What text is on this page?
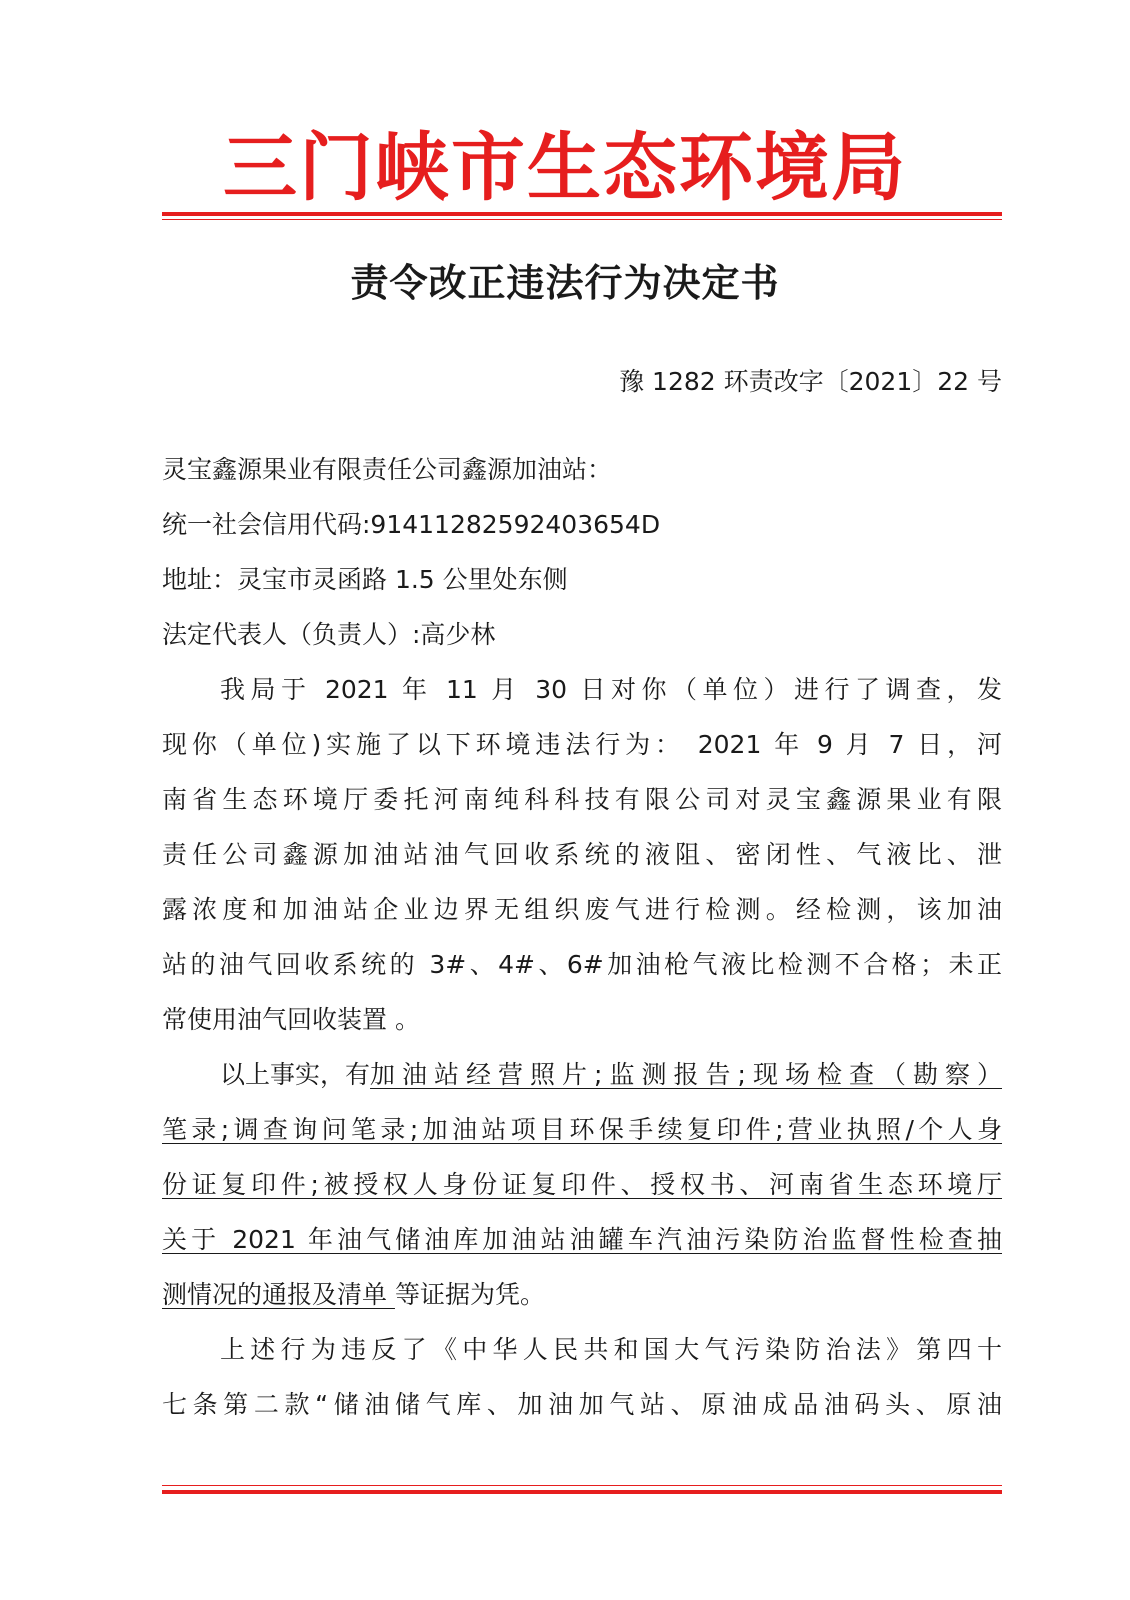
三门峡市生态环境局
责令改正违法行为决定书
豫 1282 环责改字〔2021〕22 号
灵宝鑫源果业有限责任公司鑫源加油站：
统一社会信用代码:91411282592403654D
地址：灵宝市灵函路 1.5 公里处东侧
法定代表人（负责人）:高少林
我局于 2021 年 11 月 30 日对你（单位）进行了调查，发
现你（单位)实施了以下环境违法行为： 2021 年 9 月 7 日，河
南省生态环境厅委托河南纯科科技有限公司对灵宝鑫源果业有限
责任公司鑫源加油站油气回收系统的液阻、密闭性、气液比、泄
露浓度和加油站企业边界无组织废气进行检测。经检测，该加油
站的油气回收系统的 3#、4#、6#加油枪气液比检测不合格；未正
常使用油气回收装置 。
以上事实，有 加油站经营照片;监测报告;现场检查（勘察）
笔录;调查询问笔录;加油站项目环保手续复印件;营业执照/个人身
份证复印件;被授权人身份证复印件、授权书、河南省生态环境厅
关于 2021 年油气储油库加油站油罐车汽油污染防治监督性检查抽
测情况的通报及清单 等证据为凭。
上述行为违反了《中华人民共和国大气污染防治法》第四十
七条第二款“储油储气库、加油加气站、原油成品油码头、原油
